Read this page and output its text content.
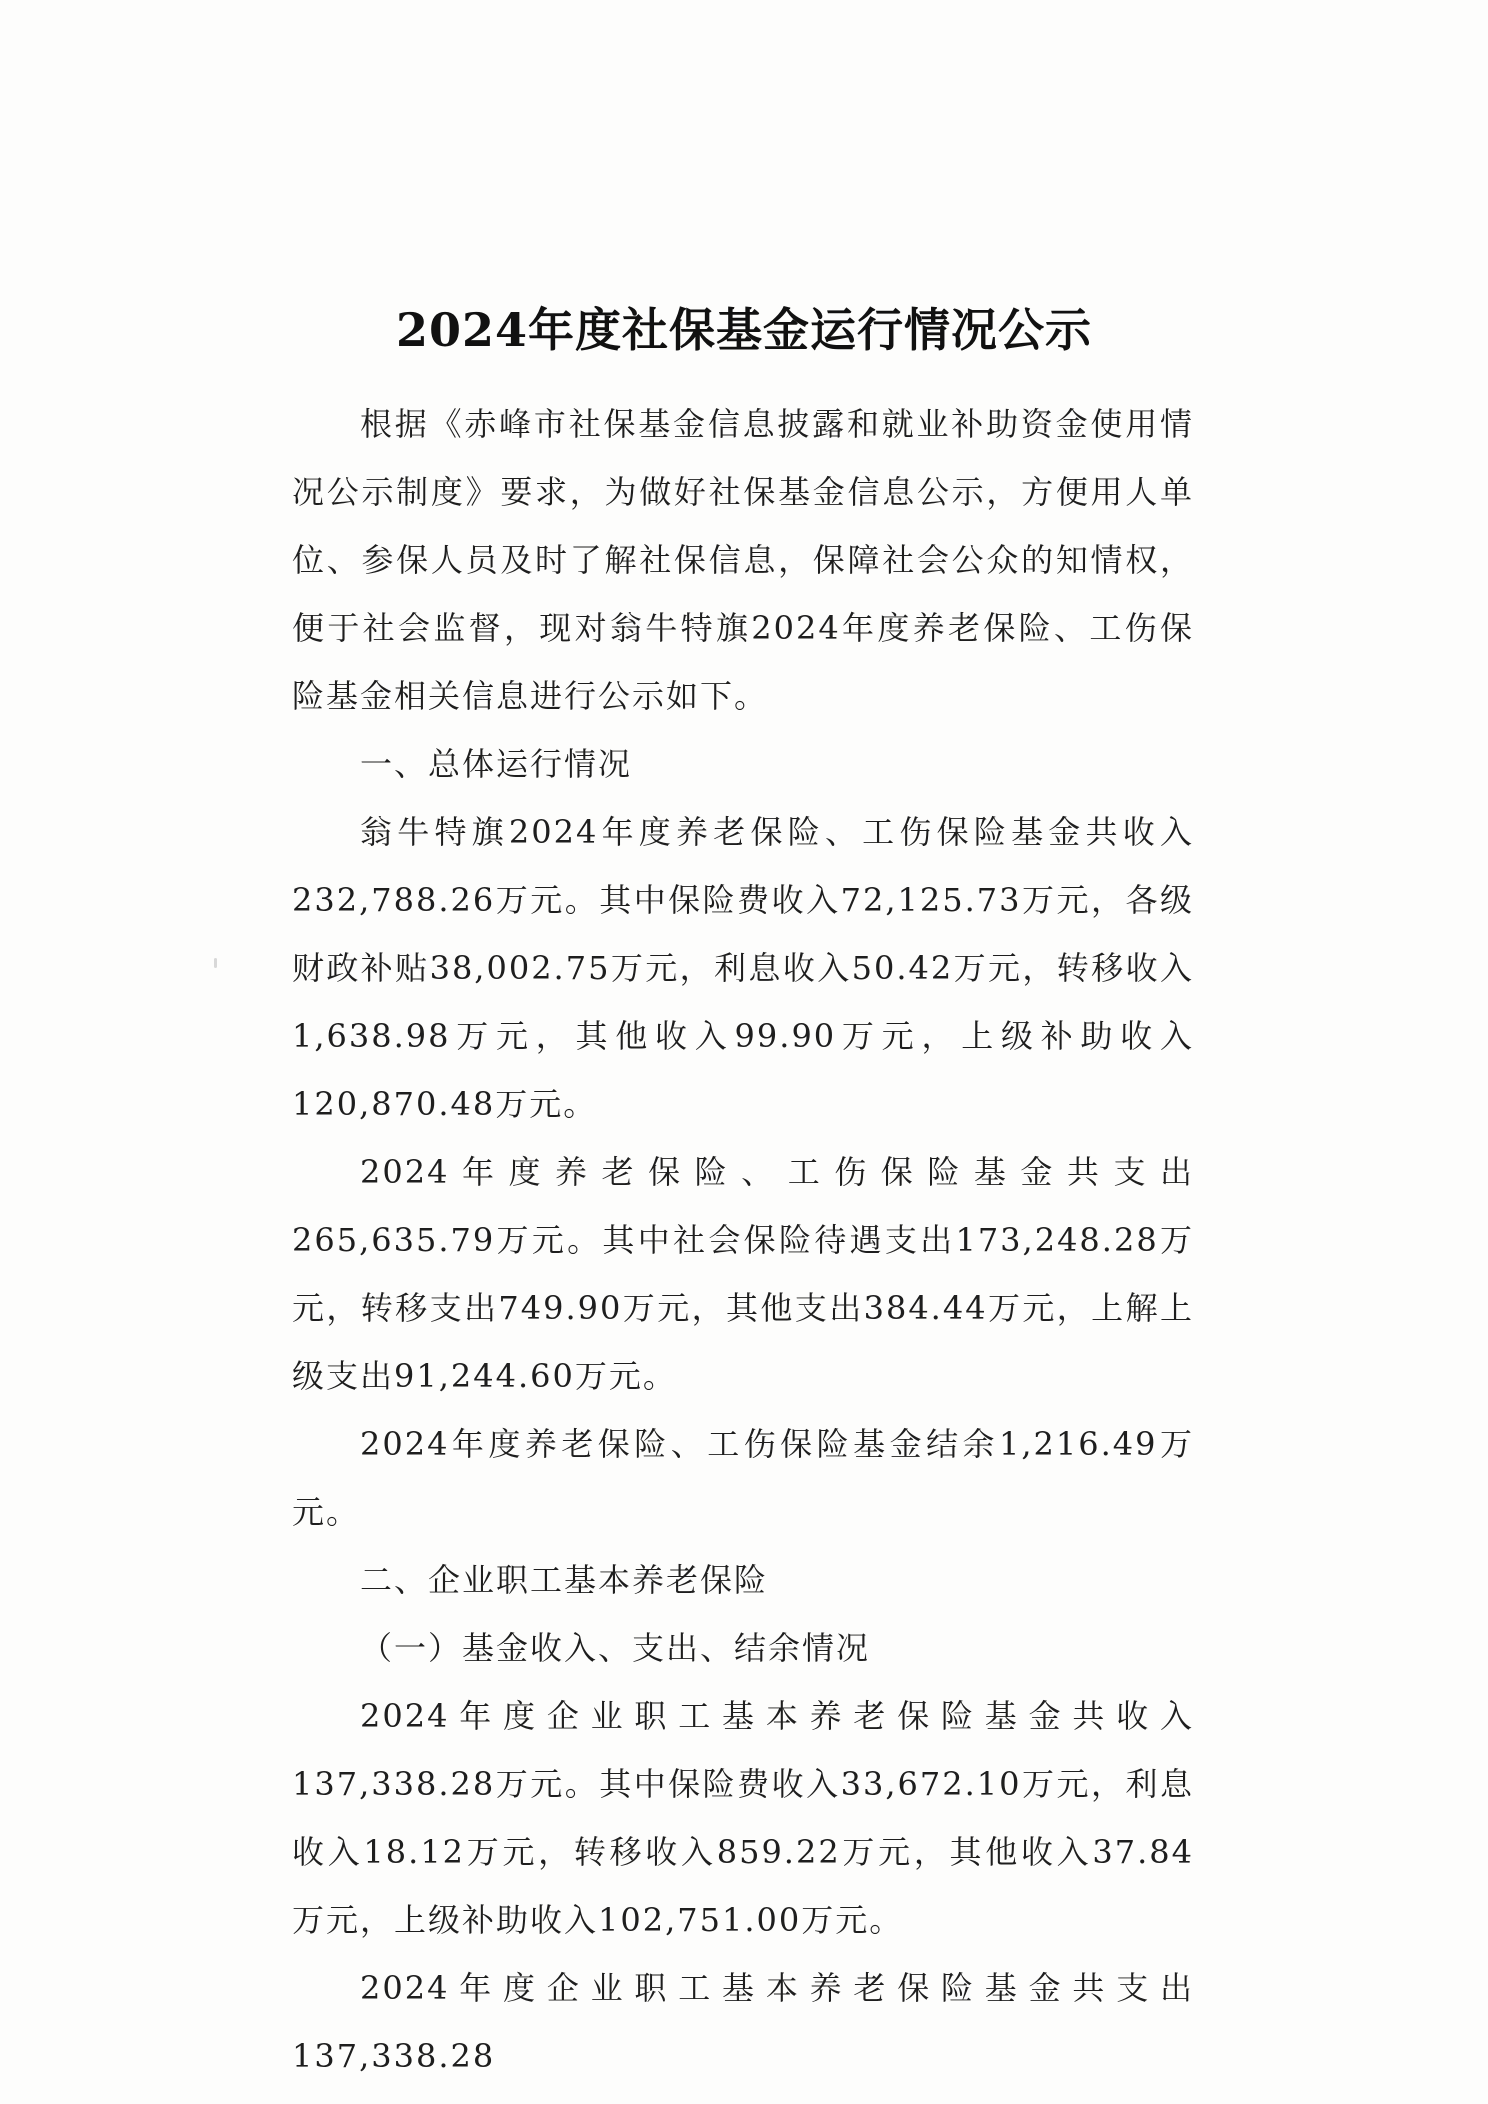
2024年度社保基金运行情况公示

根据《赤峰市社保基金信息披露和就业补助资金使用情况公示制度》要求，为做好社保基金信息公示，方便用人单位、参保人员及时了解社保信息，保障社会公众的知情权，便于社会监督，现对翁牛特旗2024年度养老保险、工伤保险基金相关信息进行公示如下。

一、总体运行情况

翁牛特旗2024年度养老保险、工伤保险基金共收入232,788.26万元。其中保险费收入72,125.73万元，各级财政补贴38,002.75万元，利息收入50.42万元，转移收入1,638.98万元，其他收入99.90万元，上级补助收入120,870.48万元。

2024年度养老保险、工伤保险基金共支出265,635.79万元。其中社会保险待遇支出173,248.28万元，转移支出749.90万元，其他支出384.44万元，上解上级支出91,244.60万元。

2024年度养老保险、工伤保险基金结余1,216.49万元。

二、企业职工基本养老保险

（一）基金收入、支出、结余情况

2024年度企业职工基本养老保险基金共收入137,338.28万元。其中保险费收入33,672.10万元，利息收入18.12万元，转移收入859.22万元，其他收入37.84万元，上级补助收入102,751.00万元。

2024年度企业职工基本养老保险基金共支出137,338.28
